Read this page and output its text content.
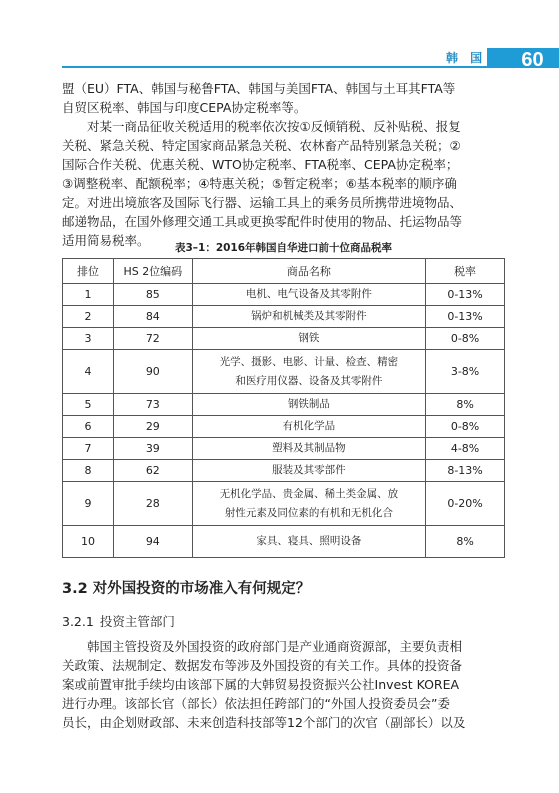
韩 国	60
盟（EU）FTA、韩国与秘鲁FTA、韩国与美国FTA、韩国与土耳其FTA等
自贸区税率、韩国与印度CEPA协定税率等。
　　对某一商品征收关税适用的税率依次按①反倾销税、反补贴税、报复
关税、紧急关税、特定国家商品紧急关税、农林畜产品特别紧急关税；②
国际合作关税、优惠关税、WTO协定税率、FTA税率、CEPA协定税率；
③调整税率、配额税率；④特惠关税；⑤暂定税率；⑥基本税率的顺序确
定。对进出境旅客及国际飞行器、运输工具上的乘务员所携带进境物品、
邮递物品，在国外修理交通工具或更换零配件时使用的物品、托运物品等
适用简易税率。	表3–1：2016年韩国自华进口前十位商品税率
排位	HS 2位编码	商品名称	税率
1	85	电机、电气设备及其零附件	0-13%
2	84	锅炉和机械类及其零附件	0-13%
3	72	钢铁	0-8%
4	90	光学、摄影、电影、计量、检查、精密
和医疗用仪器、设备及其零附件	3-8%
5	73	钢铁制品	8%
6	29	有机化学品	0-8%
7	39	塑料及其制品物	4-8%
8	62	服装及其零部件	8-13%
9	28	无机化学品、贵金属、稀土类金属、放
射性元素及同位素的有机和无机化合	0-20%
10	94	家具、寝具、照明设备	8%
3.2 对外国投资的市场准入有何规定？
3.2.1 投资主管部门
　　韩国主管投资及外国投资的政府部门是产业通商资源部，主要负责相
关政策、法规制定、数据发布等涉及外国投资的有关工作。具体的投资备
案或前置审批手续均由该部下属的大韩贸易投资振兴公社Invest KOREA
进行办理。该部长官（部长）依法担任跨部门的“外国人投资委员会”委
员长，由企划财政部、未来创造科技部等12个部门的次官（副部长）以及
